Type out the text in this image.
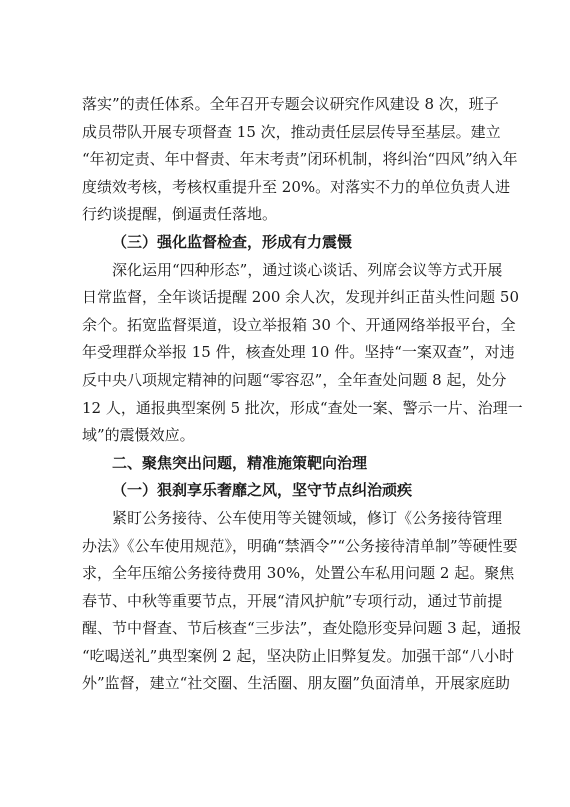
落实”的责任体系。全年召开专题会议研究作风建设 8 次，班子
成员带队开展专项督查 15 次，推动责任层层传导至基层。建立
“年初定责、年中督责、年末考责”闭环机制，将纠治“四风”纳入年
度绩效考核，考核权重提升至 20%。对落实不力的单位负责人进
行约谈提醒，倒逼责任落地。
（三）强化监督检查，形成有力震慑
深化运用“四种形态”，通过谈心谈话、列席会议等方式开展
日常监督，全年谈话提醒 200 余人次，发现并纠正苗头性问题 50
余个。拓宽监督渠道，设立举报箱 30 个、开通网络举报平台，全
年受理群众举报 15 件，核查处理 10 件。坚持“一案双查”，对违
反中央八项规定精神的问题“零容忍”，全年查处问题 8 起，处分
12 人，通报典型案例 5 批次，形成“查处一案、警示一片、治理一
域”的震慑效应。
二、聚焦突出问题，精准施策靶向治理
（一）狠刹享乐奢靡之风，坚守节点纠治顽疾
紧盯公务接待、公车使用等关键领域，修订《公务接待管理
办法》《公车使用规范》，明确“禁酒令”“公务接待清单制”等硬性要
求，全年压缩公务接待费用 30%，处置公车私用问题 2 起。聚焦
春节、中秋等重要节点，开展“清风护航”专项行动，通过节前提
醒、节中督查、节后核查“三步法”，查处隐形变异问题 3 起，通报
“吃喝送礼”典型案例 2 起，坚决防止旧弊复发。加强干部“八小时
外”监督，建立“社交圈、生活圈、朋友圈”负面清单，开展家庭助
